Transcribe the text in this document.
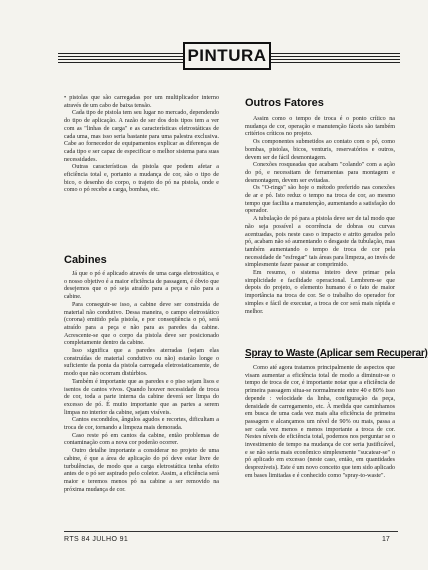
PINTURA

• pistolas que são carregadas por um multiplicador interno através de um cabo de baixa tensão.

Cada tipo de pistola tem seu lugar no mercado, dependendo do tipo de aplicação. A razão de ser dos dois tipos tem a ver com as "linhas de carga" e as características eletrostáticas de cada uma, mas isso seria bastante para uma palestra exclusiva. Cabe ao fornecedor de equipamentos explicar as diferenças de cada tipo e ser capaz de especificar o melhor sistema para suas necessidades.

Outras características da pistola que podem afetar a eficiência total e, portanto a mudança de cor, são o tipo de bico, o desenho do corpo, o trajeto do pó na pistola, onde e como o pó recebe a carga, bombas, etc.

Cabines

Já que o pó é aplicado através de uma carga eletrostática, e o nosso objetivo é a maior eficiência de passagem, é óbvio que desejemos que o pó seja atraído para a peça e não para a cabine.

Para conseguir-se isso, a cabine deve ser construída de material não condutivo. Dessa maneira, o campo eletrostático (corona) emitido pela pistola, e por conseqüência o pó, será atraído para a peça e não para as paredes da cabine. Acrescente-se que o corpo da pistola deve ser posicionado completamente dentro da cabine.

Isso significa que a paredes aterradas (sejam elas construídas de material condutivo ou não) estarão longe o suficiente da ponta da pistola carregada eletrostaticamente, de modo que não ocorram distúrbios.

Também é importante que as paredes e o piso sejam lisos e isentos de cantos vivos. Quando houver necessidade de troca de cor, toda a parte interna da cabine deverá ser limpa do excesso de pó. É muito importante que as partes a serem limpas no interior da cabine, sejam visíveis.

Cantos escondidos, ângulos agudos e recortes, dificultam a troca de cor, tornando a limpeza mais demorada.

Caso reste pó em cantos da cabine, então problemas de contaminação com a nova cor poderão ocorrer.

Outro detalhe importante a considerar no projeto de uma cabine, é que a área de aplicação do pó deve estar livre de turbulências, de modo que a carga eletrostática tenha efeito antes de o pó ser aspirado pelo coletor. Assim, a eficiência será maior e teremos menos pó na cabine a ser removido na próxima mudança de cor.

Outros Fatores

Assim como o tempo de troca é o ponto crítico na mudança de cor, operação e manutenção fáceis são também critérios críticos no projeto.

Os componentes submetidos ao contato com o pó, como bombas, pistolas, bicos, venturis, reservatórios e outros, devem ser de fácil desmontagem.

Conexões rosqueadas que acabam "colando" com a ação do pó, e necessitam de ferramentas para montagem e desmontagem, devem ser evitadas.

Os "O-rings" são hoje o método preferido nas conexões de ar e pó. Isto reduz o tempo na troca de cor, ao mesmo tempo que facilita a manutenção, aumentando a satisfação do operador.

A tubulação de pó para a pistola deve ser de tal modo que não seja possível a ocorrência de dobras ou curvas acentuadas, pois neste caso o impacto e atrito gerados pelo pó, acabam não só aumentando o desgaste da tubulação, mas também aumentando o tempo de troca de cor pela necessidade de "esfregar" tais áreas para limpeza, ao invés de simplesmente fazer passar ar comprimido.

Em resumo, o sistema inteiro deve primar pela simplicidade e facilidade operacional. Lembrem-se que depois do projeto, o elemento humano é o fato de maior importância na troca de cor. Se o trabalho do operador for simples e fácil de executar, a troca de cor será mais rápida e melhor.

Spray to Waste (Aplicar sem Recuperar)

Como até agora tratamos principalmente de aspectos que visam aumentar a eficiência total de modo a diminuir-se o tempo de troca de cor, é importante notar que a eficiência de primeira passagem situa-se normalmente entre 40 e 80% isso depende : velocidade da linha, configuração da peça, densidade de carregamento, etc. À medida que caminhamos em busca de uma cada vez mais alta eficiência de primeira passagem e alcançamos um nível de 90% ou mais, passa a ser cada vez menos e menos importante a troca de cor. Nestes níveis de eficiência total, podemos nos perguntar se o investimento de tempo na mudança de cor seria justificável, e se não seria mais econômico simplesmente "sucatear-se" o pó aplicado em excesso (neste caso, então, em quantidades desprezíveis). Este é um novo conceito que tem sido aplicado em bases limitadas e é conhecido como "spray-to-waste".

RTS 84 JULHO 91	17
